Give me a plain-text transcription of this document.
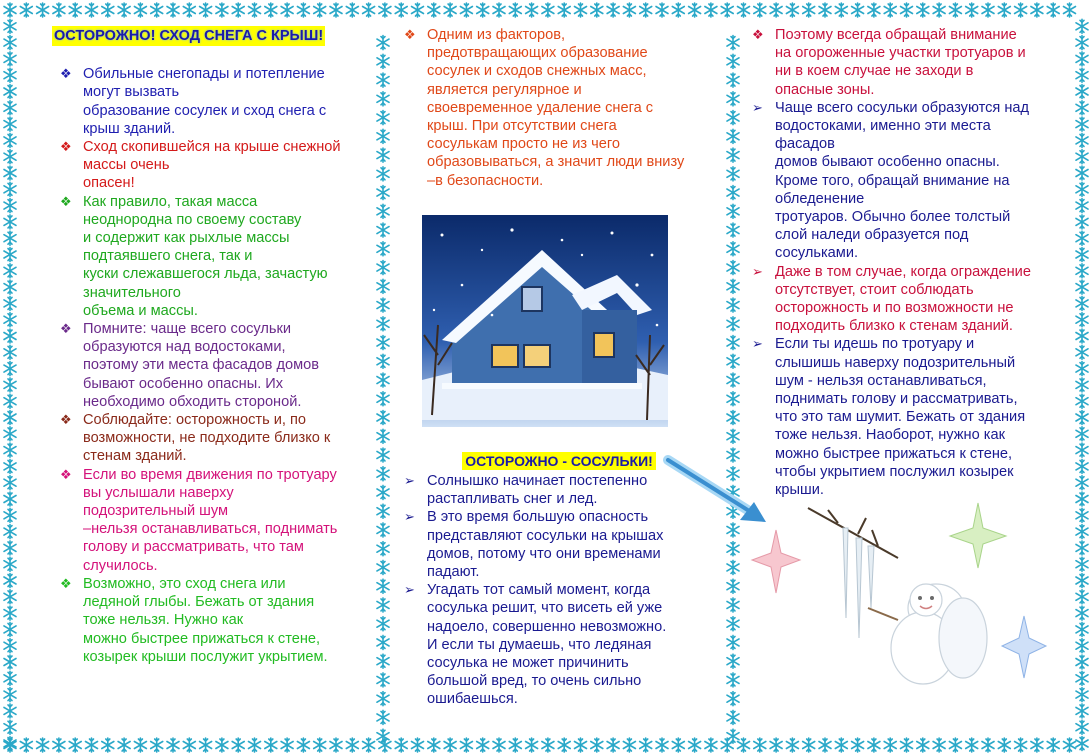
ОСТОРОЖНО! СХОД СНЕГА С КРЫШ!
❖ Обильные снегопады и потепление
могут вызвать
образование сосулек и сход снега с
крыш зданий.
❖ Сход скопившейся на крыше снежной
массы очень
опасен!
❖ Как правило, такая масса
неоднородна по своему составу
и содержит как рыхлые массы
подтаявшего снега, так и
куски слежавшегося льда, зачастую
значительного
объема и массы.
❖ Помните: чаще всего сосульки
образуются над водостоками,
поэтому эти места фасадов домов
бывают особенно опасны. Их
необходимо обходить стороной.
❖ Соблюдайте: осторожность и, по
возможности, не подходите близко к
стенам зданий.
❖ Если во время движения по тротуару
вы услышали наверху
подозрительный шум
–нельзя останавливаться, поднимать
голову и рассматривать, что там
случилось.
❖ Возможно, это сход снега или
ледяной глыбы. Бежать от здания
тоже нельзя. Нужно как
можно быстрее прижаться к стене,
козырек крыши послужит укрытием.
❖ Одним из факторов,
предотвращающих образование
сосулек и сходов снежных масс,
является регулярное и
своевременное удаление снега с
крыш. При отсутствии снега
сосулькам просто не из чего
образовываться, а значит люди внизу
–в безопасности.
ОСТОРОЖНО - СОСУЛЬКИ!
➢ Солнышко начинает постепенно
растапливать снег и лед.
➢ В это время большую опасность
представляют сосульки на крышах
домов, потому что они временами
падают.
➢ Угадать тот самый момент, когда
сосулька решит, что висеть ей уже
надоело, совершенно невозможно.
И если ты думаешь, что ледяная
сосулька не может причинить
большой вред, то очень сильно
ошибаешься.
❖ Поэтому всегда обращай внимание
на огороженные участки тротуаров и
ни в коем случае не заходи в
опасные зоны.
➢ Чаще всего сосульки образуются над
водостоками, именно эти места
фасадов
домов бывают особенно опасны.
Кроме того, обращай внимание на
обледенение
тротуаров. Обычно более толстый
слой наледи образуется под
сосульками.
➢ Даже в том случае, когда ограждение
отсутствует, стоит соблюдать
осторожность и по возможности не
подходить близко к стенам зданий.
➢ Если ты идешь по тротуару и
слышишь наверху подозрительный
шум - нельзя останавливаться,
поднимать голову и рассматривать,
что это там шумит. Бежать от здания
тоже нельзя. Наоборот, нужно как
можно быстрее прижаться к стене,
чтобы укрытием послужил козырек
крыши.
